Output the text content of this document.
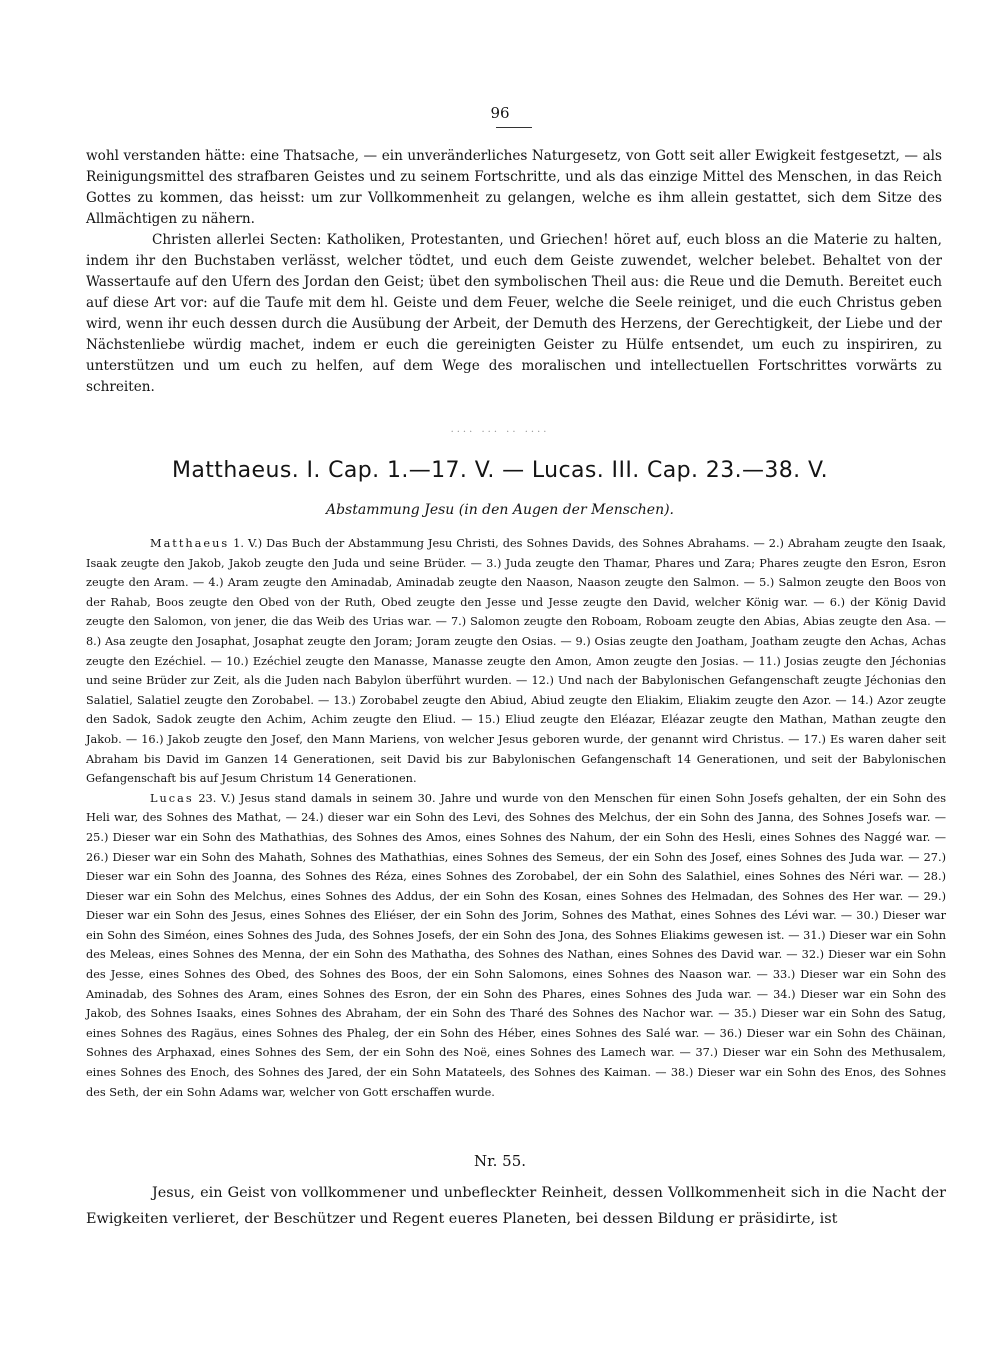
96

wohl verstanden hätte: eine Thatsache, — ein unveränderliches Naturgesetz, von Gott seit aller Ewigkeit festgesetzt, — als Reinigungsmittel des strafbaren Geistes und zu seinem Fortschritte, und als das einzige Mittel des Menschen, in das Reich Gottes zu kommen, das heisst: um zur Vollkommenheit zu gelangen, welche es ihm allein gestattet, sich dem Sitze des Allmächtigen zu nähern.

Christen allerlei Secten: Katholiken, Protestanten, und Griechen! höret auf, euch bloss an die Materie zu halten, indem ihr den Buchstaben verlässt, welcher tödtet, und euch dem Geiste zuwendet, welcher belebet. Behaltet von der Wassertaufe auf den Ufern des Jordan den Geist; übet den symbolischen Theil aus: die Reue und die Demuth. Bereitet euch auf diese Art vor: auf die Taufe mit dem hl. Geiste und dem Feuer, welche die Seele reiniget, und die euch Christus geben wird, wenn ihr euch dessen durch die Ausübung der Arbeit, der Demuth des Herzens, der Gerechtigkeit, der Liebe und der Nächstenliebe würdig machet, indem er euch die gereinigten Geister zu Hülfe entsendet, um euch zu inspiriren, zu unterstützen und um euch zu helfen, auf dem Wege des moralischen und intellectuellen Fortschrittes vorwärts zu schreiten.

···· ··· ·· ····
Matthaeus. I. Cap. 1.—17. V. — Lucas. III. Cap. 23.—38. V.
Abstammung Jesu (in den Augen der Menschen).

Matthaeus 1. V.) Das Buch der Abstammung Jesu Christi, des Sohnes Davids, des Sohnes Abrahams. — 2.) Abraham zeugte den Isaak, Isaak zeugte den Jakob, Jakob zeugte den Juda und seine Brüder. — 3.) Juda zeugte den Thamar, Phares und Zara; Phares zeugte den Esron, Esron zeugte den Aram. — 4.) Aram zeugte den Aminadab, Aminadab zeugte den Naason, Naason zeugte den Salmon. — 5.) Salmon zeugte den Boos von der Rahab, Boos zeugte den Obed von der Ruth, Obed zeugte den Jesse und Jesse zeugte den David, welcher König war. — 6.) der König David zeugte den Salomon, von jener, die das Weib des Urias war. — 7.) Salomon zeugte den Roboam, Roboam zeugte den Abias, Abias zeugte den Asa. — 8.) Asa zeugte den Josaphat, Josaphat zeugte den Joram; Joram zeugte den Osias. — 9.) Osias zeugte den Joatham, Joatham zeugte den Achas, Achas zeugte den Ezéchiel. — 10.) Ezéchiel zeugte den Manasse, Manasse zeugte den Amon, Amon zeugte den Josias. — 11.) Josias zeugte den Jéchonias und seine Brüder zur Zeit, als die Juden nach Babylon überführt wurden. — 12.) Und nach der Babylonischen Gefangenschaft zeugte Jéchonias den Salatiel, Salatiel zeugte den Zorobabel. — 13.) Zorobabel zeugte den Abiud, Abiud zeugte den Eliakim, Eliakim zeugte den Azor. — 14.) Azor zeugte den Sadok, Sadok zeugte den Achim, Achim zeugte den Eliud. — 15.) Eliud zeugte den Eléazar, Eléazar zeugte den Mathan, Mathan zeugte den Jakob. — 16.) Jakob zeugte den Josef, den Mann Mariens, von welcher Jesus geboren wurde, der genannt wird Christus. — 17.) Es waren daher seit Abraham bis David im Ganzen 14 Generationen, seit David bis zur Babylonischen Gefangenschaft 14 Generationen, und seit der Babylonischen Gefangenschaft bis auf Jesum Christum 14 Generationen.

Lucas 23. V.) Jesus stand damals in seinem 30. Jahre und wurde von den Menschen für einen Sohn Josefs gehalten, der ein Sohn des Heli war, des Sohnes des Mathat, — 24.) dieser war ein Sohn des Levi, des Sohnes des Melchus, der ein Sohn des Janna, des Sohnes Josefs war. — 25.) Dieser war ein Sohn des Mathathias, des Sohnes des Amos, eines Sohnes des Nahum, der ein Sohn des Hesli, eines Sohnes des Naggé war. — 26.) Dieser war ein Sohn des Mahath, Sohnes des Mathathias, eines Sohnes des Semeus, der ein Sohn des Josef, eines Sohnes des Juda war. — 27.) Dieser war ein Sohn des Joanna, des Sohnes des Réza, eines Sohnes des Zorobabel, der ein Sohn des Salathiel, eines Sohnes des Néri war. — 28.) Dieser war ein Sohn des Melchus, eines Sohnes des Addus, der ein Sohn des Kosan, eines Sohnes des Helmadan, des Sohnes des Her war. — 29.) Dieser war ein Sohn des Jesus, eines Sohnes des Eliéser, der ein Sohn des Jorim, Sohnes des Mathat, eines Sohnes des Lévi war. — 30.) Dieser war ein Sohn des Siméon, eines Sohnes des Juda, des Sohnes Josefs, der ein Sohn des Jona, des Sohnes Eliakims gewesen ist. — 31.) Dieser war ein Sohn des Meleas, eines Sohnes des Menna, der ein Sohn des Mathatha, des Sohnes des Nathan, eines Sohnes des David war. — 32.) Dieser war ein Sohn des Jesse, eines Sohnes des Obed, des Sohnes des Boos, der ein Sohn Salomons, eines Sohnes des Naason war. — 33.) Dieser war ein Sohn des Aminadab, des Sohnes des Aram, eines Sohnes des Esron, der ein Sohn des Phares, eines Sohnes des Juda war. — 34.) Dieser war ein Sohn des Jakob, des Sohnes Isaaks, eines Sohnes des Abraham, der ein Sohn des Tharé des Sohnes des Nachor war. — 35.) Dieser war ein Sohn des Satug, eines Sohnes des Ragäus, eines Sohnes des Phaleg, der ein Sohn des Héber, eines Sohnes des Salé war. — 36.) Dieser war ein Sohn des Chäinan, Sohnes des Arphaxad, eines Sohnes des Sem, der ein Sohn des Noë, eines Sohnes des Lamech war. — 37.) Dieser war ein Sohn des Methusalem, eines Sohnes des Enoch, des Sohnes des Jared, der ein Sohn Matateels, des Sohnes des Kaiman. — 38.) Dieser war ein Sohn des Enos, des Sohnes des Seth, der ein Sohn Adams war, welcher von Gott erschaffen wurde.

Nr. 55.

Jesus, ein Geist von vollkommener und unbefleckter Reinheit, dessen Vollkommenheit sich in die Nacht der Ewigkeiten verlieret, der Beschützer und Regent eueres Planeten, bei dessen Bildung er präsidirte, ist
